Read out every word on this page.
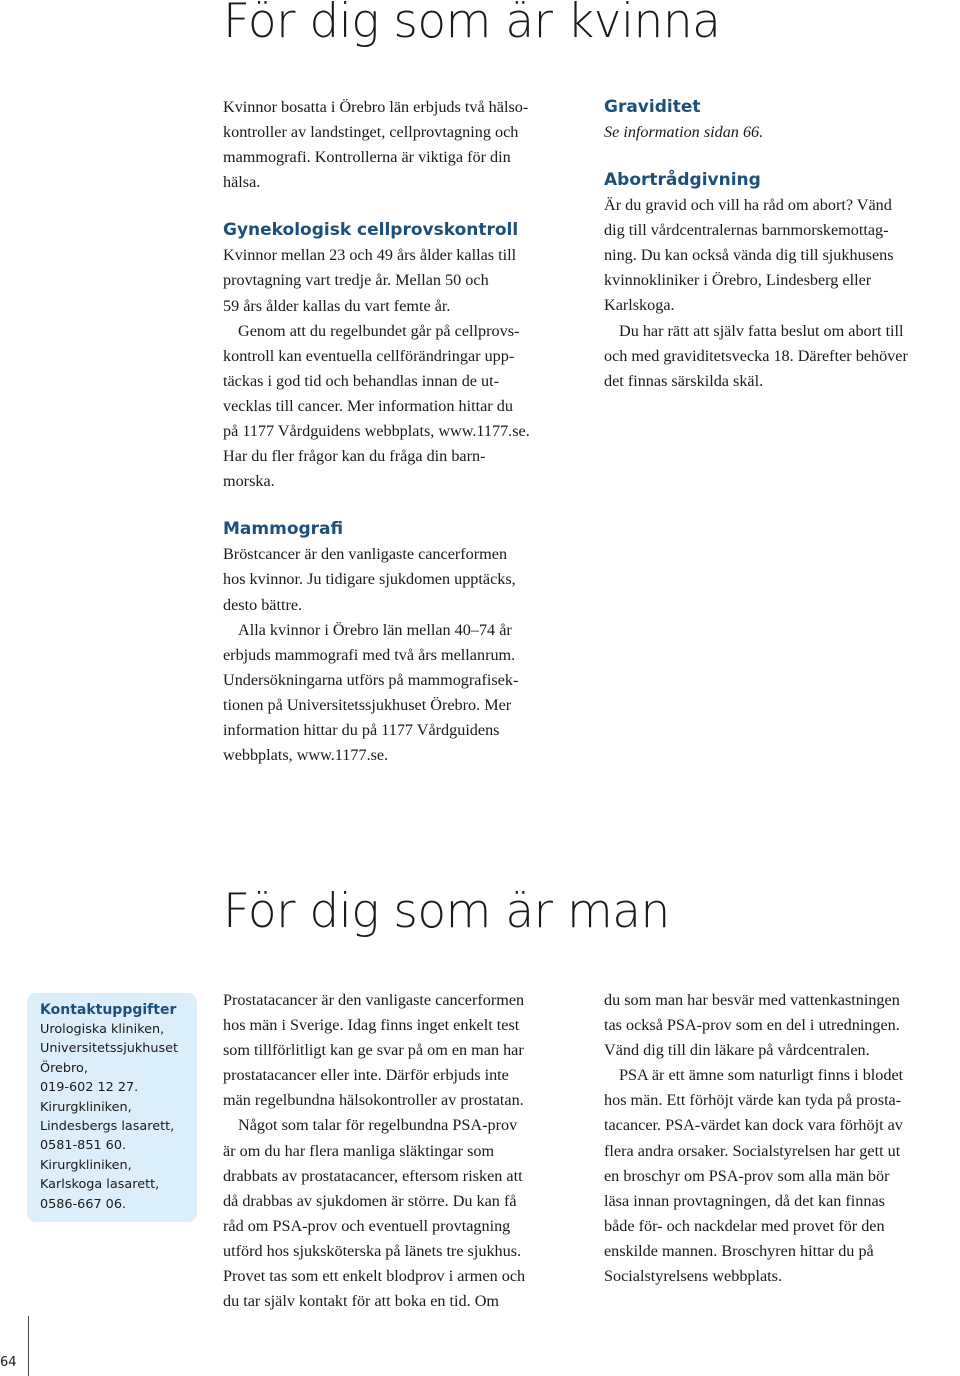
För dig som är kvinna

Kvinnor bosatta i Örebro län erbjuds två hälso-
kontroller av landstinget, cellprovtagning och
mammografi. Kontrollerna är viktiga för din
hälsa.

Gynekologisk cellprovskontroll

Kvinnor mellan 23 och 49 års ålder kallas till
provtagning vart tredje år. Mellan 50 och
59 års ålder kallas du vart femte år.

Genom att du regelbundet går på cellprovs-
kontroll kan eventuella cellförändringar upp-
täckas i god tid och behandlas innan de ut-
vecklas till cancer. Mer information hittar du
på 1177 Vårdguidens webbplats, www.1177.se.
Har du fler frågor kan du fråga din barn-
morska.

Mammografi

Bröstcancer är den vanligaste cancerformen
hos kvinnor. Ju tidigare sjukdomen upptäcks,
desto bättre.

Alla kvinnor i Örebro län mellan 40–74 år
erbjuds mammografi med två års mellanrum.
Undersökningarna utförs på mammografisek-
tionen på Universitetssjukhuset Örebro. Mer
information hittar du på 1177 Vårdguidens
webbplats, www.1177.se.

Graviditet

Se information sidan 66.

Abortrådgivning

Är du gravid och vill ha råd om abort? Vänd
dig till vårdcentralernas barnmorskemottag-
ning. Du kan också vända dig till sjukhusens
kvinnokliniker i Örebro, Lindesberg eller
Karlskoga.

Du har rätt att själv fatta beslut om abort till
och med graviditetsvecka 18. Därefter behöver
det finnas särskilda skäl.

För dig som är man
Kontaktuppgifter
Urologiska kliniken,
Universitetssjukhuset
Örebro,
019-602 12 27.
Kirurgkliniken,
Lindesbergs lasarett,
0581-851 60.
Kirurgkliniken,
Karlskoga lasarett,
0586-667 06.

Prostatacancer är den vanligaste cancerformen
hos män i Sverige. Idag finns inget enkelt test
som tillförlitligt kan ge svar på om en man har
prostatacancer eller inte. Därför erbjuds inte
män regelbundna hälsokontroller av prostatan.

Något som talar för regelbundna PSA-prov
är om du har flera manliga släktingar som
drabbats av prostatacancer, eftersom risken att
då drabbas av sjukdomen är större. Du kan få
råd om PSA-prov och eventuell provtagning
utförd hos sjuksköterska på länets tre sjukhus.
Provet tas som ett enkelt blodprov i armen och
du tar själv kontakt för att boka en tid. Om

du som man har besvär med vattenkastningen
tas också PSA-prov som en del i utredningen.
Vänd dig till din läkare på vårdcentralen.

PSA är ett ämne som naturligt finns i blodet
hos män. Ett förhöjt värde kan tyda på prosta-
tacancer. PSA-värdet kan dock vara förhöjt av
flera andra orsaker. Socialstyrelsen har gett ut
en broschyr om PSA-prov som alla män bör
läsa innan provtagningen, då det kan finnas
både för- och nackdelar med provet för den
enskilde mannen. Broschyren hittar du på
Socialstyrelsens webbplats.

64
